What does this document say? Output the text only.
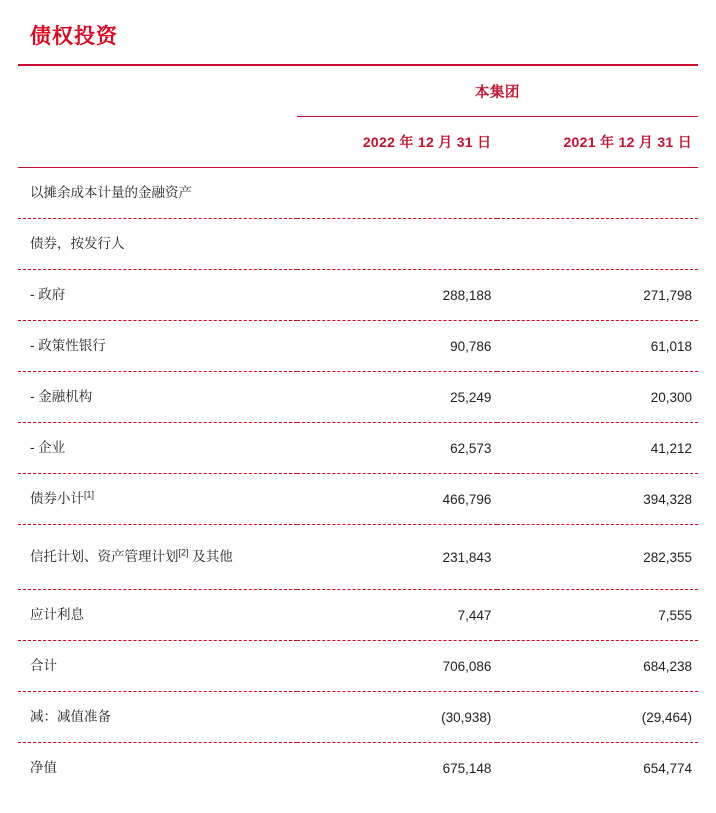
债权投资
	本集团	
	2022 年 12 月 31 日	2021 年 12 月 31 日
以摊余成本计量的金融资产		
债券，按发行人		
- 政府	288,188	271,798
- 政策性银行	90,786	61,018
- 金融机构	25,249	20,300
- 企业	62,573	41,212
债券小计[1]	466,796	394,328
信托计划、资产管理计划[2] 及其他	231,843	282,355
应计利息	7,447	7,555
合计	706,086	684,238
减：减值准备	(30,938)	(29,464)
净值	675,148	654,774
